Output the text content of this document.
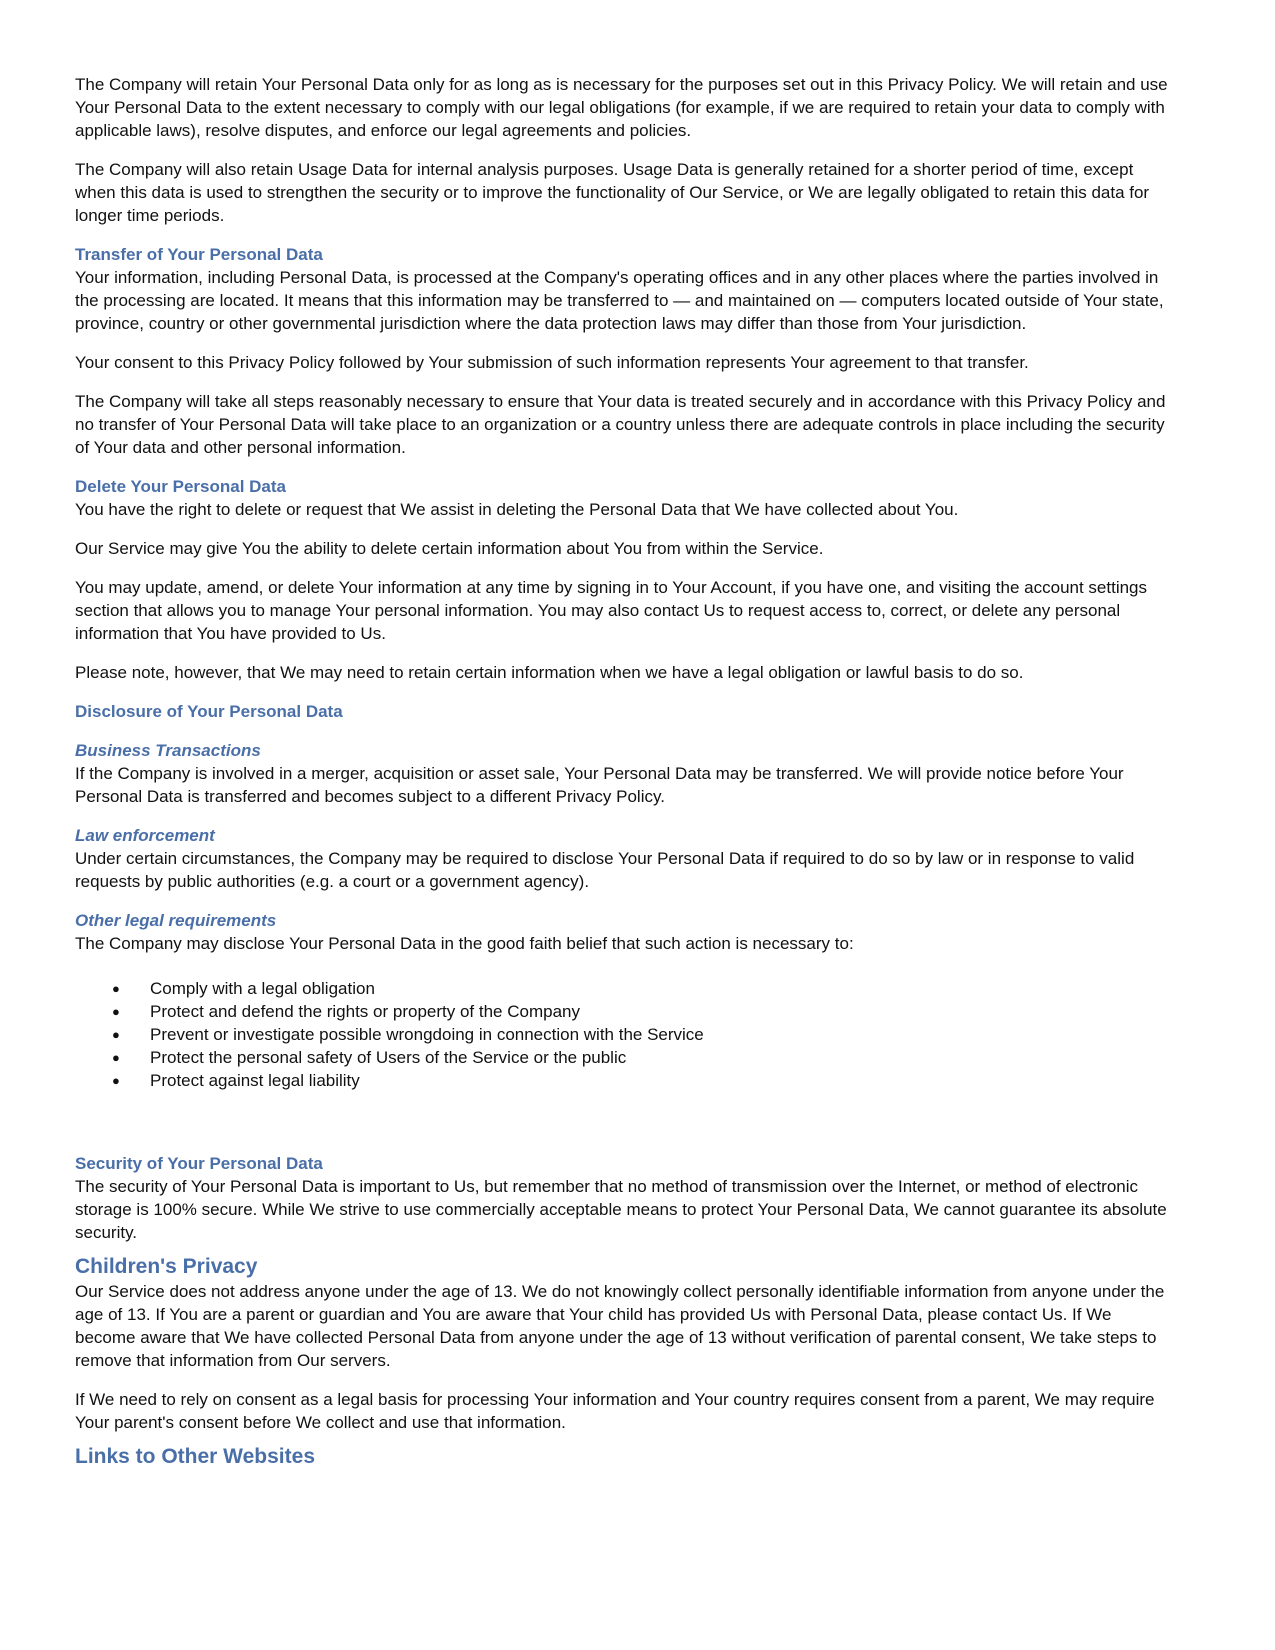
The Company will retain Your Personal Data only for as long as is necessary for the purposes set out in this Privacy Policy. We will retain and use Your Personal Data to the extent necessary to comply with our legal obligations (for example, if we are required to retain your data to comply with applicable laws), resolve disputes, and enforce our legal agreements and policies.

The Company will also retain Usage Data for internal analysis purposes. Usage Data is generally retained for a shorter period of time, except when this data is used to strengthen the security or to improve the functionality of Our Service, or We are legally obligated to retain this data for longer time periods.

Transfer of Your Personal Data

Your information, including Personal Data, is processed at the Company's operating offices and in any other places where the parties involved in the processing are located. It means that this information may be transferred to — and maintained on — computers located outside of Your state, province, country or other governmental jurisdiction where the data protection laws may differ than those from Your jurisdiction.

Your consent to this Privacy Policy followed by Your submission of such information represents Your agreement to that transfer.

The Company will take all steps reasonably necessary to ensure that Your data is treated securely and in accordance with this Privacy Policy and no transfer of Your Personal Data will take place to an organization or a country unless there are adequate controls in place including the security of Your data and other personal information.

Delete Your Personal Data

You have the right to delete or request that We assist in deleting the Personal Data that We have collected about You.

Our Service may give You the ability to delete certain information about You from within the Service.

You may update, amend, or delete Your information at any time by signing in to Your Account, if you have one, and visiting the account settings section that allows you to manage Your personal information. You may also contact Us to request access to, correct, or delete any personal information that You have provided to Us.

Please note, however, that We may need to retain certain information when we have a legal obligation or lawful basis to do so.

Disclosure of Your Personal Data
Business Transactions

If the Company is involved in a merger, acquisition or asset sale, Your Personal Data may be transferred. We will provide notice before Your Personal Data is transferred and becomes subject to a different Privacy Policy.

Law enforcement

Under certain circumstances, the Company may be required to disclose Your Personal Data if required to do so by law or in response to valid requests by public authorities (e.g. a court or a government agency).

Other legal requirements

The Company may disclose Your Personal Data in the good faith belief that such action is necessary to:

● Comply with a legal obligation
● Protect and defend the rights or property of the Company
● Prevent or investigate possible wrongdoing in connection with the Service
● Protect the personal safety of Users of the Service or the public
● Protect against legal liability
Security of Your Personal Data

The security of Your Personal Data is important to Us, but remember that no method of transmission over the Internet, or method of electronic storage is 100% secure. While We strive to use commercially acceptable means to protect Your Personal Data, We cannot guarantee its absolute security.

Children's Privacy

Our Service does not address anyone under the age of 13. We do not knowingly collect personally identifiable information from anyone under the age of 13. If You are a parent or guardian and You are aware that Your child has provided Us with Personal Data, please contact Us. If We become aware that We have collected Personal Data from anyone under the age of 13 without verification of parental consent, We take steps to remove that information from Our servers.

If We need to rely on consent as a legal basis for processing Your information and Your country requires consent from a parent, We may require Your parent's consent before We collect and use that information.

Links to Other Websites
